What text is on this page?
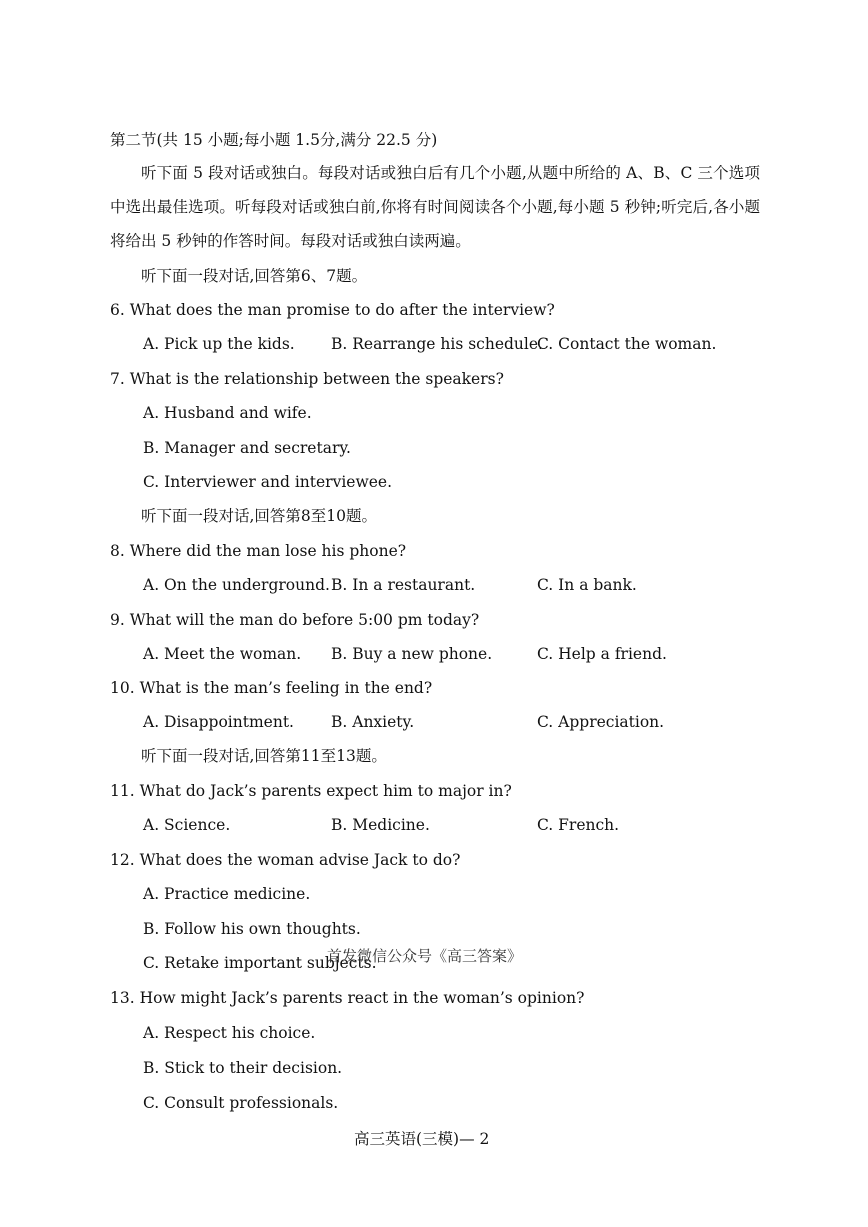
第二节(共 15 小题;每小题 1.5分,满分 22.5 分)
听下面 5 段对话或独白。每段对话或独白后有几个小题,从题中所给的 A、B、C 三个选项中选出最佳选项。听每段对话或独白前,你将有时间阅读各个小题,每小题 5 秒钟;听完后,各小题将给出 5 秒钟的作答时间。每段对话或独白读两遍。
听下面一段对话,回答第6、7题。
6. What does the man promise to do after the interview?
A. Pick up the kids. B. Rearrange his schedule.
C. Contact the woman.
7. What is the relationship between the speakers?
A. Husband and wife.
B. Manager and secretary.
C. Interviewer and interviewee.
听下面一段对话,回答第8至10题。
8. Where did the man lose his phone?
A. On the underground. B. In a restaurant.	C. In a bank.
9. What will the man do before 5:00 pm today?
A. Meet the woman. B. Buy a new phone.	C. Help a friend.
10. What is the man’s feeling in the end?
A. Disappointment. B. Anxiety.	C. Appreciation.
听下面一段对话,回答第11至13题。
11. What do Jack’s parents expect him to major in?
A. Science.	B. Medicine.	C. French.
12. What does the woman advise Jack to do?
A. Practice medicine.
B. Follow his own thoughts.
C. Retake important subjects.
首发微信公众号《高三答案》
13. How might Jack’s parents react in the woman’s opinion?
A. Respect his choice.
B. Stick to their decision.
C. Consult professionals.
高三英语(三模)— 2
